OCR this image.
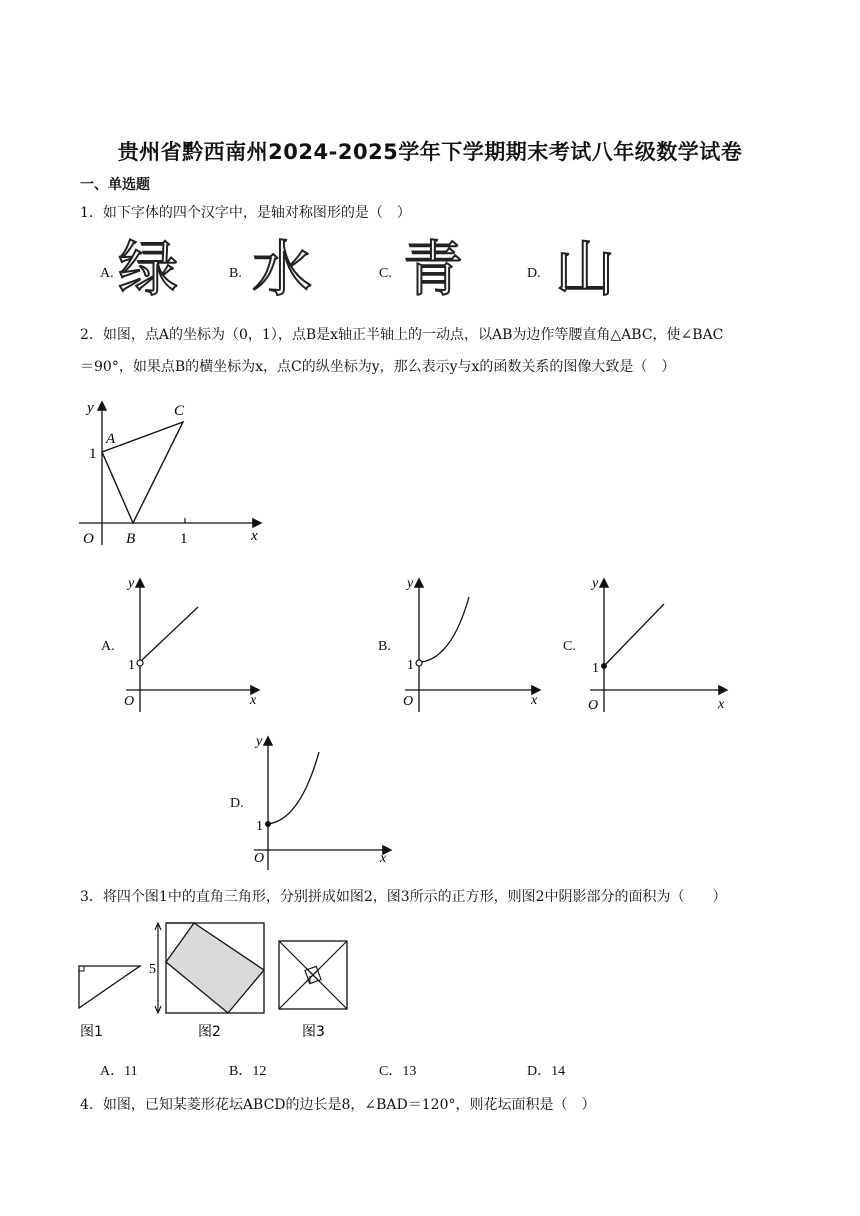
贵州省黔西南州2024-2025学年下学期期末考试八年级数学试卷
一、单选题
1．如下字体的四个汉字中，是轴对称图形的是（　）
A. 绿	B. 水	C. 青	D. 山
2．如图，点A的坐标为（0，1），点B是x轴正半轴上的一动点，以AB为边作等腰直角△ABC，使∠BAC
＝90°，如果点B的横坐标为x，点C的纵坐标为y，那么表示y与x的函数关系的图像大致是（　）
y
x
O
A
B
C
1
1
A.
y
x
O
1
B.
y
x
O
1
C.
y
x
O
1
D.
y
x
O
1
3．将四个图1中的直角三角形，分别拼成如图2，图3所示的正方形，则图2中阴影部分的面积为（　　）
5
1
图1	图2	图3
A．11	B．12	C．13	D．14
4．如图，已知某菱形花坛ABCD的边长是8，∠BAD＝120°，则花坛面积是（　）
